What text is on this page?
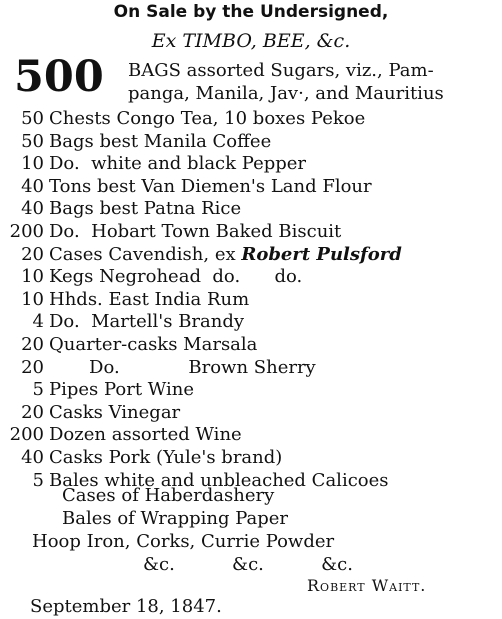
On Sale by the Undersigned,
Ex TIMBO, BEE, &c.
500 BAGS assorted Sugars, viz., Pam-
panga, Manila, Jav·, and Mauritius
50 Chests Congo Tea, 10 boxes Pekoe
50 Bags best Manila Coffee
10 Do.  white and black Pepper
40 Tons best Van Diemen's Land Flour
40 Bags best Patna Rice
200 Do.  Hobart Town Baked Biscuit
20 Cases Cavendish, ex Robert Pulsford
10 Kegs Negrohead  do.      do.
10 Hhds. East India Rum
4 Do.  Martell's Brandy
20 Quarter-casks Marsala
20       Do.            Brown Sherry
5 Pipes Port Wine
20 Casks Vinegar
200 Dozen assorted Wine
40 Casks Pork (Yule's brand)
5 Bales white and unbleached Calicoes
Cases of Haberdashery
Bales of Wrapping Paper
Hoop Iron, Corks, Currie Powder
&c.          &c.          &c.
Robert Waitt.
September 18, 1847.
